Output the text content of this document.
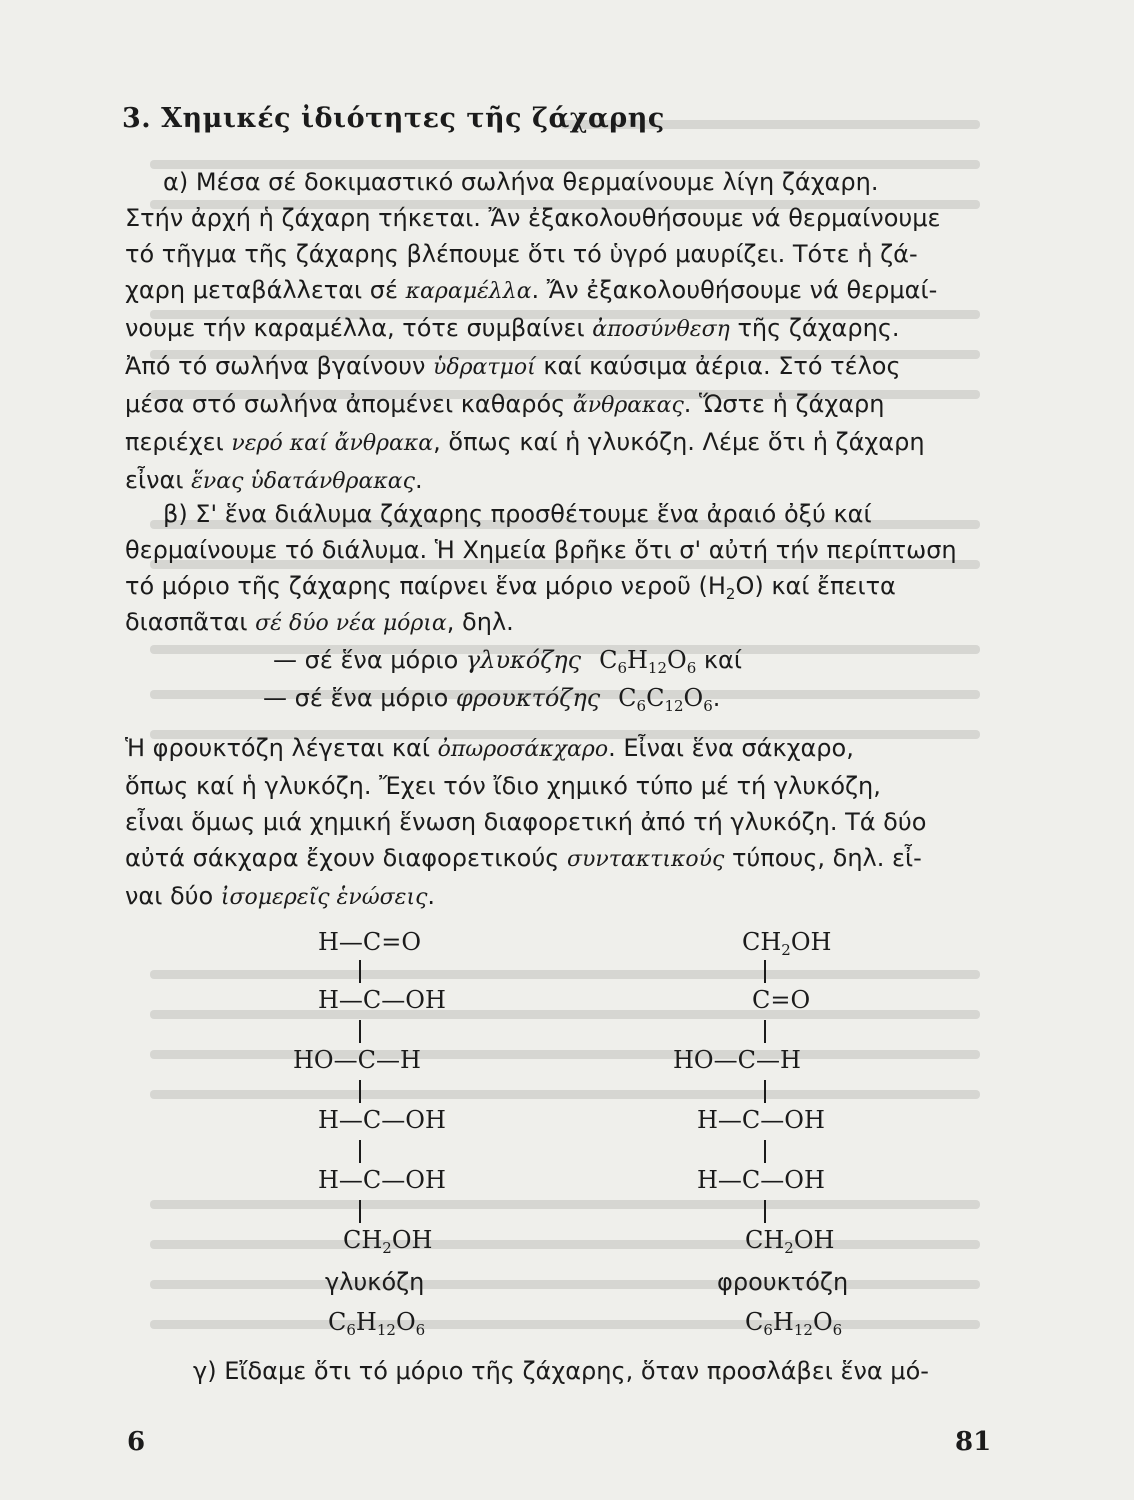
3. Χημικές ἰδιότητες τῆς ζάχαρης

α) Μέσα σέ δοκιμαστικό σωλήνα θερμαίνουμε λίγη ζάχαρη.

Στήν ἀρχή ἡ ζάχαρη τήκεται. Ἄν ἐξακολουθήσουμε νά θερμαίνουμε

τό τῆγμα τῆς ζάχαρης βλέπουμε ὅτι τό ὑγρό μαυρίζει. Τότε ἡ ζά-

χαρη μεταβάλλεται σέ καραμέλλα. Ἄν ἐξακολουθήσουμε νά θερμαί-

νουμε τήν καραμέλλα, τότε συμβαίνει ἀποσύνθεση τῆς ζάχαρης.

Ἀπό τό σωλήνα βγαίνουν ὑδρατμοί καί καύσιμα ἀέρια. Στό τέλος

μέσα στό σωλήνα ἀπομένει καθαρός ἄνθρακας. Ὥστε ἡ ζάχαρη

περιέχει νερό καί ἄνθρακα, ὅπως καί ἡ γλυκόζη. Λέμε ὅτι ἡ ζάχαρη

εἶναι ἕνας ὑδατάνθρακας.

β) Σ' ἕνα διάλυμα ζάχαρης προσθέτουμε ἕνα ἀραιό ὀξύ καί

θερμαίνουμε τό διάλυμα. Ἡ Χημεία βρῆκε ὅτι σ' αὐτή τήν περίπτωση

τό μόριο τῆς ζάχαρης παίρνει ἕνα μόριο νεροῦ $(H_2O)$ καί ἔπειτα

διασπᾶται σέ δύο νέα μόρια, δηλ.

— σέ ἕνα μόριο γλυκόζης $C_6H_{12}O_6$ καί

— σέ ἕνα μόριο φρουκτόζης $C_6C_{12}O_6$.

Ἡ φρουκτόζη λέγεται καί ὀπωροσάκχαρο. Εἶναι ἕνα σάκχαρο,

ὅπως καί ἡ γλυκόζη. Ἔχει τόν ἴδιο χημικό τύπο μέ τή γλυκόζη,

εἶναι ὅμως μιά χημική ἕνωση διαφορετική ἀπό τή γλυκόζη. Τά δύο

αὐτά σάκχαρα ἔχουν διαφορετικούς συντακτικούς τύπους, δηλ. εἶ-

ναι δύο ἰσομερεῖς ἑνώσεις.

H—C=O
H—C—OH
HO—C—H
H—C—OH
H—C—OH
$CH_2OH$
γλυκόζη
$C_6H_{12}O_6$
$CH_2OH$
C=O
HO—C—H
H—C—OH
H—C—OH
$CH_2OH$
φρουκτόζη
$C_6H_{12}O_6$
γ) Εἴδαμε ὅτι τό μόριο τῆς ζάχαρης, ὅταν προσλάβει ἕνα μό-
6	81
